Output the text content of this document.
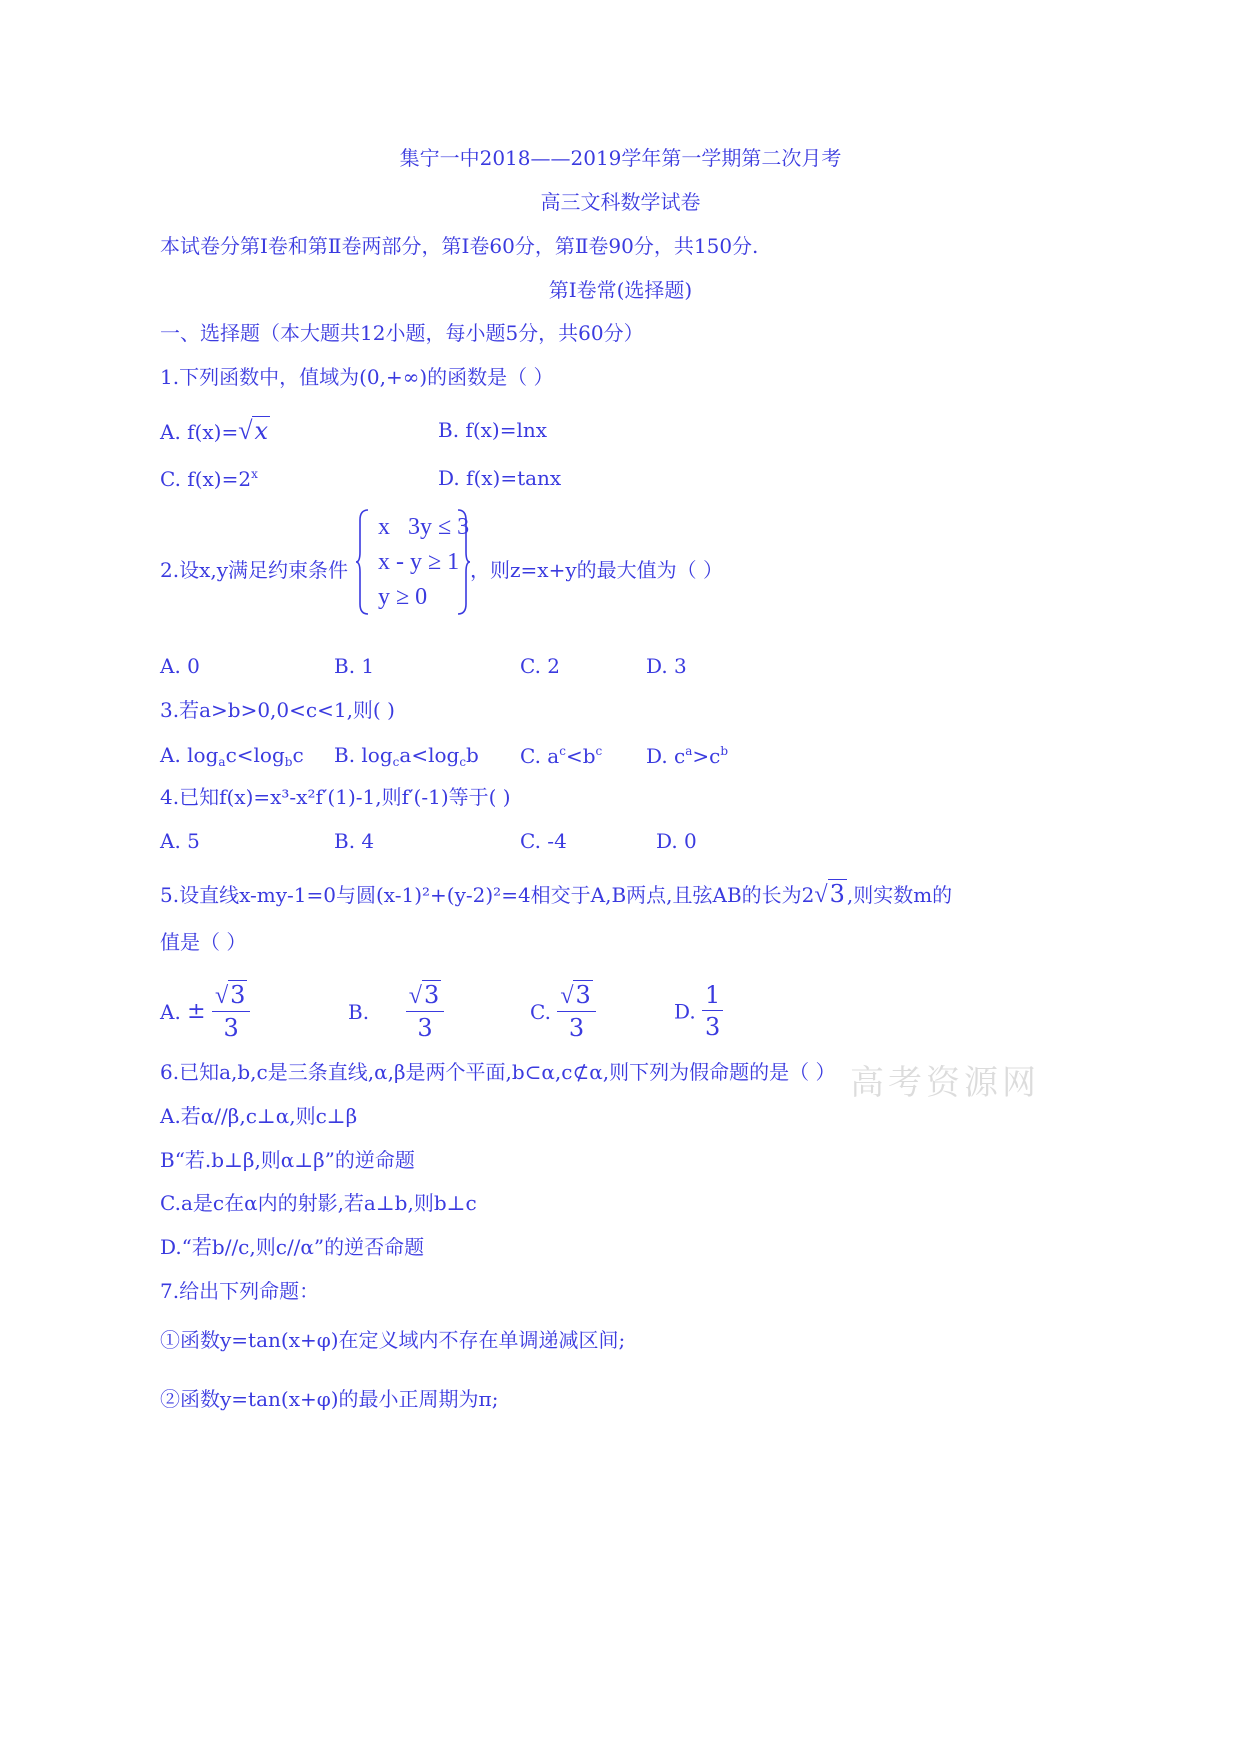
集宁一中2018——2019学年第一学期第二次月考
高三文科数学试卷
本试卷分第Ⅰ卷和第Ⅱ卷两部分，第Ⅰ卷60分，第Ⅱ卷90分，共150分.
第Ⅰ卷常(选择题)
一、选择题（本大题共12小题，每小题5分，共60分）
1.下列函数中，值域为(0,+∞)的函数是（ ）
A. f(x)=√x	B. f(x)=lnx
C. $f(x)=2^x$	D. f(x)=tanx
2.设x,y满足约束条件
x 3y ≤ 3
x - y ≥ 1
y ≥ 0
，则z=x+y的最大值为（ ）
A. 0	B. 1	C. 2	D. 3
3.若a>b>0,0<c<1,则( )
A. $\log_ac<\log_bc$ B. $\log_ca<\log_cb$ C. $a^c<b^c$ D. $c^a>c^b$
4.已知f(x)=x³-x²f′(1)-1,则f′(-1)等于( )
A. 5	B. 4	C. -4	D. 0
5.设直线x-my-1=0与圆(x-1)²+(y-2)²=4相交于A,B两点,且弦AB的长为2√3 ,则实数m的
值是（ ）
A. ± $\frac{√3}{3}$	B. $\frac{√3}{3}$	C. $\frac{√3}{3}$	D. $\frac{1}{3}$
6.已知a,b,c是三条直线,α,β是两个平面,b⊂α,c⊄α,则下列为假命题的是（ ） 高考资源网
A.若α//β,c⊥α,则c⊥β
B“若.b⊥β,则α⊥β”的逆命题
C.a是c在α内的射影,若a⊥b,则b⊥c
D.“若b//c,则c//α”的逆否命题
7.给出下列命题：
①函数y=tan(x+φ)在定义域内不存在单调递减区间;
②函数y=tan(x+φ)的最小正周期为π;
